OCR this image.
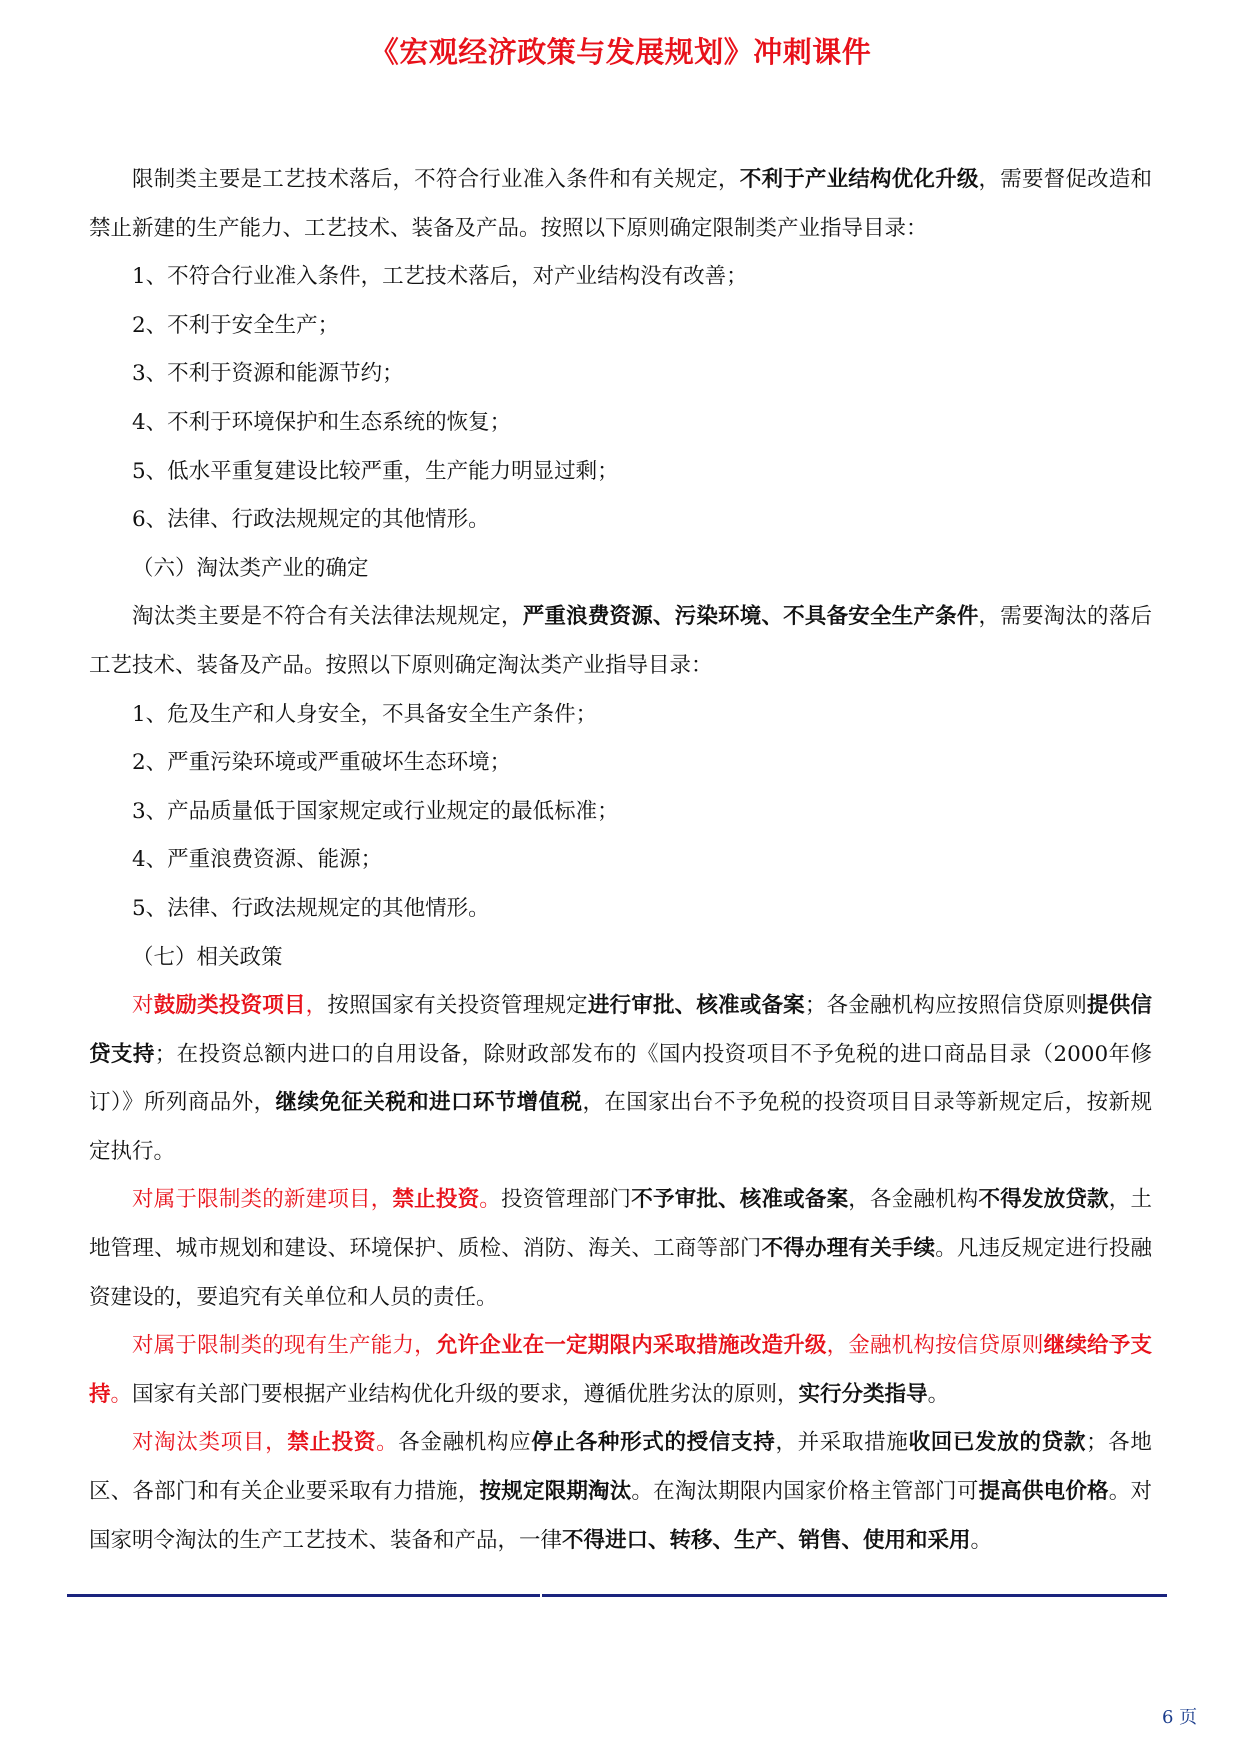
《宏观经济政策与发展规划》冲刺课件

限制类主要是工艺技术落后，不符合行业准入条件和有关规定，不利于产业结构优化升级，需要督促改造和禁止新建的生产能力、工艺技术、装备及产品。按照以下原则确定限制类产业指导目录：

1、不符合行业准入条件，工艺技术落后，对产业结构没有改善；

2、不利于安全生产；

3、不利于资源和能源节约；

4、不利于环境保护和生态系统的恢复；

5、低水平重复建设比较严重，生产能力明显过剩；

6、法律、行政法规规定的其他情形。

（六）淘汰类产业的确定

淘汰类主要是不符合有关法律法规规定，严重浪费资源、污染环境、不具备安全生产条件，需要淘汰的落后工艺技术、装备及产品。按照以下原则确定淘汰类产业指导目录：

1、危及生产和人身安全，不具备安全生产条件；

2、严重污染环境或严重破坏生态环境；

3、产品质量低于国家规定或行业规定的最低标准；

4、严重浪费资源、能源；

5、法律、行政法规规定的其他情形。

（七）相关政策

对鼓励类投资项目，按照国家有关投资管理规定进行审批、核准或备案；各金融机构应按照信贷原则提供信贷支持；在投资总额内进口的自用设备，除财政部发布的《国内投资项目不予免税的进口商品目录（2000年修订）》所列商品外，继续免征关税和进口环节增值税，在国家出台不予免税的投资项目目录等新规定后，按新规定执行。

对属于限制类的新建项目，禁止投资。投资管理部门不予审批、核准或备案，各金融机构不得发放贷款，土地管理、城市规划和建设、环境保护、质检、消防、海关、工商等部门不得办理有关手续。凡违反规定进行投融资建设的，要追究有关单位和人员的责任。

对属于限制类的现有生产能力，允许企业在一定期限内采取措施改造升级，金融机构按信贷原则继续给予支持。国家有关部门要根据产业结构优化升级的要求，遵循优胜劣汰的原则，实行分类指导。

对淘汰类项目，禁止投资。各金融机构应停止各种形式的授信支持，并采取措施收回已发放的贷款；各地区、各部门和有关企业要采取有力措施，按规定限期淘汰。在淘汰期限内国家价格主管部门可提高供电价格。对国家明令淘汰的生产工艺技术、装备和产品，一律不得进口、转移、生产、销售、使用和采用。

6 页
